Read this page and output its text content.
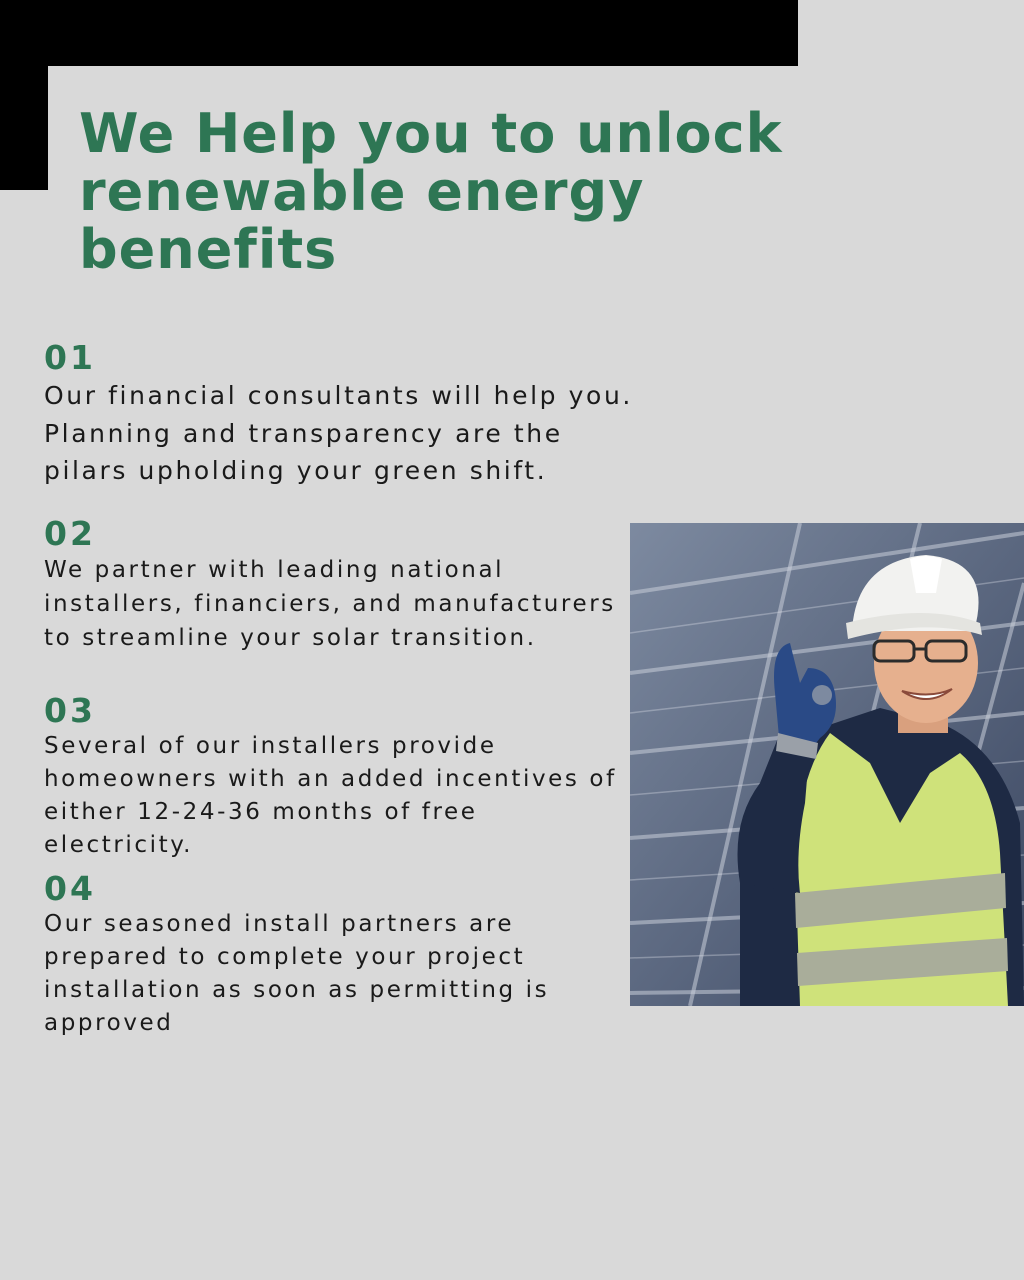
We Help you to unlock renewable energy benefits
01
Our financial consultants will help you. Planning and transparency are the pilars upholding your green shift.
02
We partner with leading national installers, financiers, and manufacturers to streamline your solar transition.
03
Several of our installers provide homeowners with an added incentives of either 12-24-36 months of free electricity.
04
Our seasoned install partners are prepared to complete your project installation as soon as permitting is approved
